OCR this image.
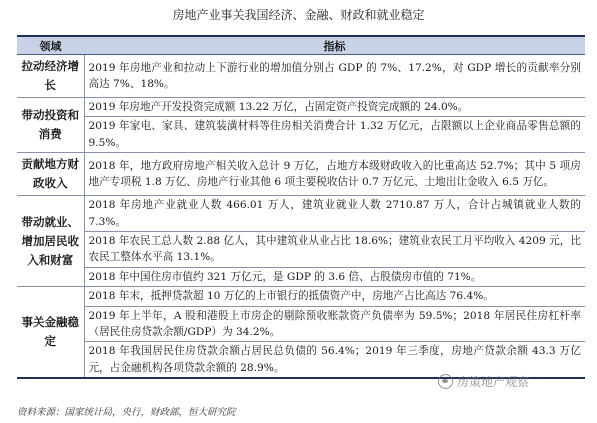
房地产业事关我国经济、金融、财政和就业稳定
领域	指标
拉动经济增长	2019 年房地产业和拉动上下游行业的增加值分别占 GDP 的 7%、17.2%，对 GDP 增长的贡献率分别高达 7%、18%。
带动投资和消费	2019 年房地产开发投资完成额 13.22 万亿，占固定资产投资完成额的 24.0%。
	2019 年家电、家具、建筑装潢材料等住房相关消费合计 1.32 万亿元，占限额以上企业商品零售总额的 9.5%。
贡献地方财政收入	2018 年，地方政府房地产相关收入总计 9 万亿，占地方本级财政收入的比重高达 52.7%；其中 5 项房地产专项税 1.8 万亿、房地产行业其他 6 项主要税收估计 0.7 万亿元、土地出让金收入 6.5 万亿。
带动就业、增加居民收入和财富	2018 年房地产业就业人数 466.01 万人，建筑业就业人数 2710.87 万人，合计占城镇就业人数的 7.3%。
	2018 年农民工总人数 2.88 亿人，其中建筑业从业占比 18.6%；建筑业农民工月平均收入 4209 元，比农民工整体水平高 13.1%。
	2018 年中国住房市值约 321 万亿元，是 GDP 的 3.6 倍、占股债房市值的 71%。
事关金融稳定	2018 年末，抵押贷款超 10 万亿的上市银行的抵债资产中，房地产占比高达 76.4%。
	2019 年上半年，A 股和港股上市房企的剔除预收账款资产负债率为 59.5%；2018 年居民住房杠杆率（居民住房贷款余额/GDP）为 34.2%。
	2018 年我国居民住房贷款余额占居民总负债的 56.4%；2019 年三季度，房地产贷款余额 43.3 万亿元，占金融机构各项贷款余额的 28.9%。
房策地产观察
资料来源：国家统计局，央行，财政部，恒大研究院
